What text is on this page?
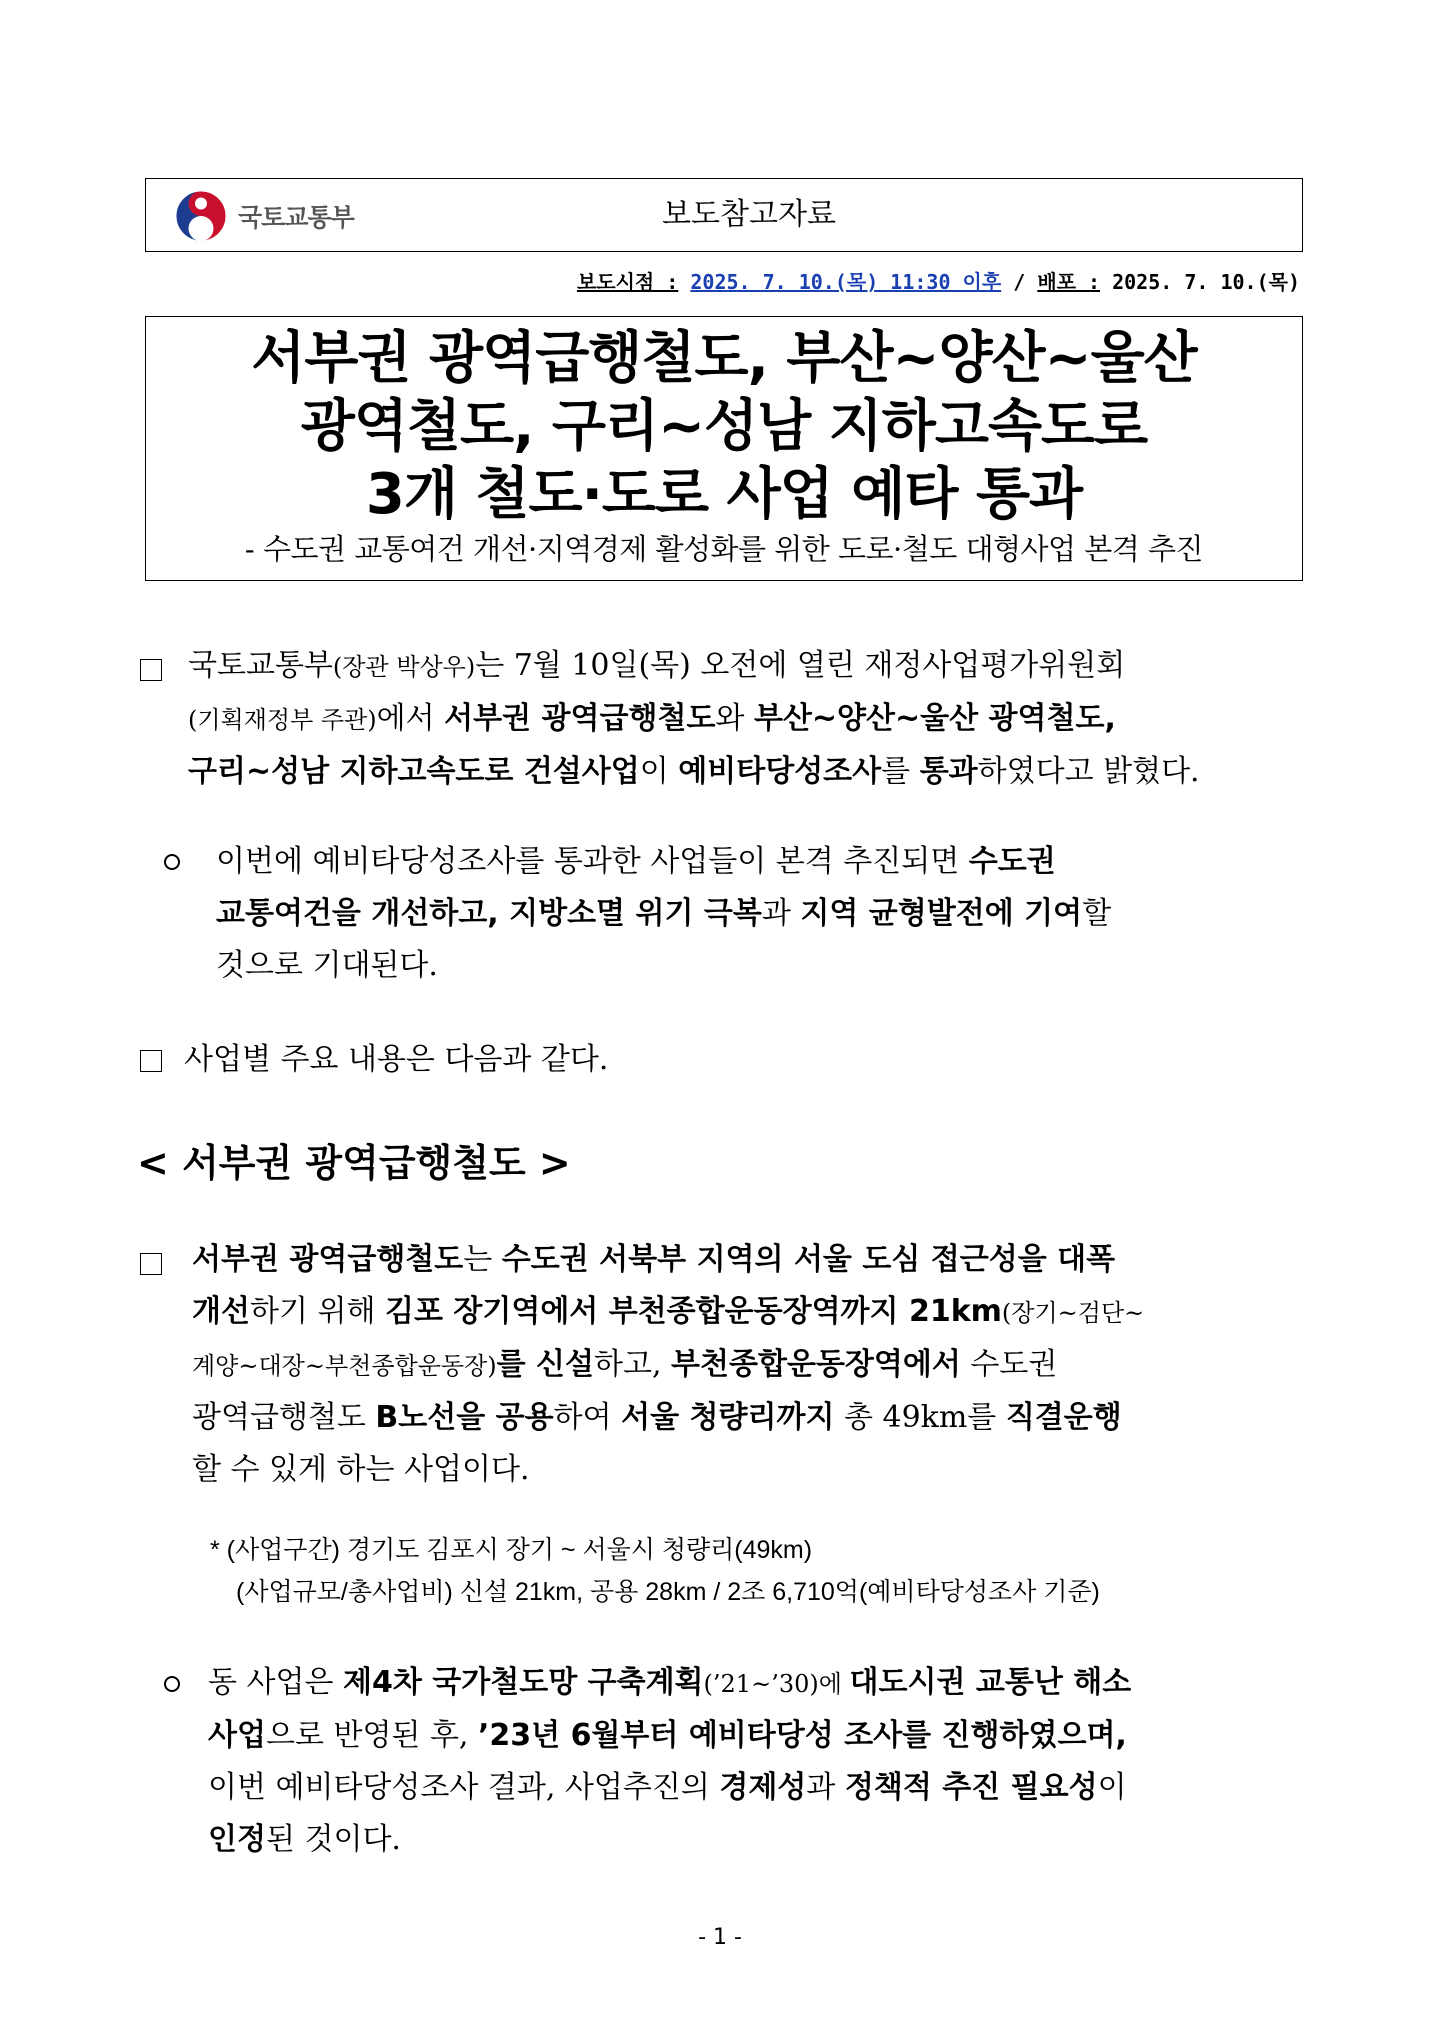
국토교통부	보도참고자료
보도시점 : 2025. 7. 10.(목) 11:30 이후 / 배포 : 2025. 7. 10.(목)
서부권 광역급행철도, 부산~양산~울산
광역철도, 구리~성남 지하고속도로
3개 철도·도로 사업 예타 통과
- 수도권 교통여건 개선·지역경제 활성화를 위한 도로·철도 대형사업 본격 추진
국토교통부(장관 박상우)는 7월 10일(목) 오전에 열린 재정사업평가위원회
(기획재정부 주관)에서 서부권 광역급행철도와 부산~양산~울산 광역철도,
구리~성남 지하고속도로 건설사업이 예비타당성조사를 통과하였다고 밝혔다.
이번에 예비타당성조사를 통과한 사업들이 본격 추진되면 수도권
교통여건을 개선하고, 지방소멸 위기 극복과 지역 균형발전에 기여할
것으로 기대된다.
사업별 주요 내용은 다음과 같다.
< 서부권 광역급행철도 >
서부권 광역급행철도는 수도권 서북부 지역의 서울 도심 접근성을 대폭
개선하기 위해 김포 장기역에서 부천종합운동장역까지 21km(장기~검단~
계양~대장~부천종합운동장)를 신설하고, 부천종합운동장역에서 수도권
광역급행철도 B노선을 공용하여 서울 청량리까지 총 49km를 직결운행
할 수 있게 하는 사업이다.
* (사업구간) 경기도 김포시 장기 ~ 서울시 청량리(49km)
(사업규모/총사업비) 신설 21km, 공용 28km / 2조 6,710억(예비타당성조사 기준)
동 사업은 제4차 국가철도망 구축계획(’21~’30)에 대도시권 교통난 해소
사업으로 반영된 후, ’23년 6월부터 예비타당성 조사를 진행하였으며,
이번 예비타당성조사 결과, 사업추진의 경제성과 정책적 추진 필요성이
인정된 것이다.
- 1 -
